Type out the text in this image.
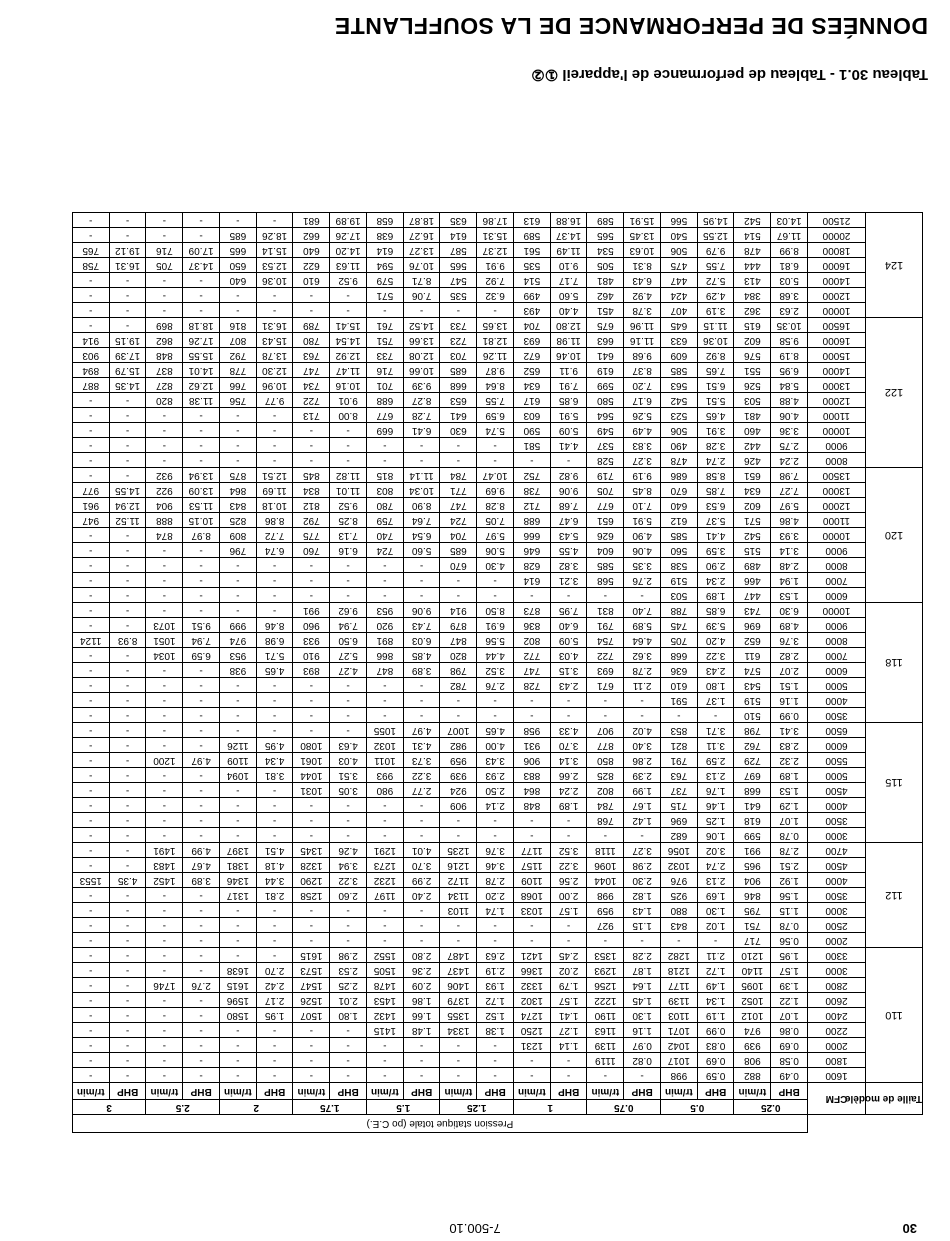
30
7-500.10
		Pression statique totale (po C.E.)																			
Taille de modèle	CFM	0.25		0.5		0.75		1		1.25		1.5		1.75		2		2.5		3	
		BHP	tr/min	BHP	tr/min	BHP	tr/min	BHP	tr/min	BHP	tr/min	BHP	tr/min	BHP	tr/min	BHP	tr/min	BHP	tr/min	BHP	tr/min
110	1600	0.49	882	0.59	998	-	-	-	-	-	-	-	-	-	-	-	-	-	-	-	-
	1800	0.58	908	0.69	1017	0.82	1119	-	-	-	-	-	-	-	-	-	-	-	-	-	-
	2000	0.69	939	0.83	1042	0.97	1139	1.14	1231	-	-	-	-	-	-	-	-	-	-	-	-
	2200	0.86	974	0.99	1071	1.16	1163	1.27	1250	1.38	1334	1.48	1415	-	-	-	-	-	-	-	-
	2400	1.07	1012	1.19	1103	1.30	1190	1.41	1274	1.52	1355	1.66	1432	1.80	1507	1.95	1580	-	-	-	-
	2600	1.22	1052	1.34	1139	1.45	1222	1.57	1302	1.72	1379	1.86	1453	2.01	1526	2.17	1596	-	-	-	-
	2800	1.39	1095	1.49	1177	1.64	1256	1.79	1332	1.93	1406	2.09	1478	2.25	1547	2.42	1615	2.76	1746	-	-
	3000	1.57	1140	1.72	1218	1.87	1293	2.02	1366	2.19	1437	2.36	1505	2.53	1573	2.70	1638	-	-	-	-
	3300	1.95	1210	2.11	1282	2.28	1353	2.45	1421	2.63	1487	2.80	1552	2.98	1615	-	-	-	-	-	-
112	2000	0.56	717	-	-	-	-	-	-	-	-	-	-	-	-	-	-	-	-	-	-
	2500	0.78	751	1.02	843	1.15	927	-	-	-	-	-	-	-	-	-	-	-	-	-	-
	3000	1.15	795	1.30	880	1.43	959	1.57	1033	1.74	1103	-	-	-	-	-	-	-	-	-	-
	3500	1.56	846	1.69	925	1.82	998	2.00	1068	2.20	1134	2.40	1197	2.60	1258	2.81	1317	-	-	-	-
	4000	1.92	904	2.13	976	2.30	1044	2.56	1109	2.78	1172	2.99	1232	3.22	1290	3.44	1346	3.89	1452	4.35	1553
	4500	2.51	965	2.74	1032	2.98	1096	3.22	1157	3.46	1216	3.70	1273	3.94	1328	4.18	1381	4.67	1483	-	-
	4700	2.78	991	3.02	1056	3.27	1118	3.52	1177	3.76	1235	4.01	1291	4.26	1345	4.51	1397	4.99	1491	-	-
115	3000	0.78	599	1.06	682	-	-	-	-	-	-	-	-	-	-	-	-	-	-	-	-
	3500	1.07	618	1.25	696	1.42	768	-	-	-	-	-	-	-	-	-	-	-	-	-	-
	4000	1.29	641	1.46	715	1.67	784	1.89	848	2.14	909	-	-	-	-	-	-	-	-	-	-
	4500	1.53	668	1.76	737	1.99	802	2.24	864	2.50	924	2.77	980	3.05	1031	-	-	-	-	-	-
	5000	1.89	697	2.13	763	2.39	825	2.66	883	2.93	939	3.22	993	3.51	1044	3.81	1094	-	-	-	-
	5500	2.32	729	2.59	791	2.86	850	3.14	906	3.43	959	3.73	1011	4.03	1061	4.34	1109	4.97	1200	-	-
	6000	2.83	762	3.11	821	3.40	877	3.70	931	4.00	982	4.31	1032	4.63	1080	4.95	1126	-	-	-	-
	6500	3.41	798	3.71	853	4.02	907	4.33	958	4.65	1007	4.97	1055	-	-	-	-	-	-	-	-
118	3500	0.99	510	-	-	-	-	-	-	-	-	-	-	-	-	-	-	-	-	-	-
	4000	1.16	519	1.37	591	-	-	-	-	-	-	-	-	-	-	-	-	-	-	-	-
	5000	1.51	543	1.80	610	2.11	671	2.43	728	2.76	782	-	-	-	-	-	-	-	-	-	-
	6000	2.07	574	2.43	636	2.78	693	3.15	747	3.52	798	3.89	847	4.27	893	4.65	938	-	-	-	-
	7000	2.82	611	3.22	668	3.62	722	4.03	772	4.44	820	4.85	866	5.27	910	5.71	953	6.59	1034	-	-
	8000	3.76	652	4.20	705	4.64	754	5.09	802	5.56	847	6.03	891	6.50	933	6.98	974	7.94	1051	8.93	1124
	9000	4.89	696	5.39	745	5.89	791	6.40	836	6.91	879	7.43	920	7.94	960	8.46	999	9.51	1073	-	-
	10000	6.30	743	6.85	788	7.40	831	7.95	873	8.50	914	9.06	953	9.62	991	-	-	-	-	-	-
120	6000	1.53	447	1.89	503	-	-	-	-	-	-	-	-	-	-	-	-	-	-	-	-
	7000	1.94	466	2.34	519	2.76	568	3.21	614	-	-	-	-	-	-	-	-	-	-	-	-
	8000	2.48	489	2.90	538	3.35	585	3.82	628	4.30	670	-	-	-	-	-	-	-	-	-	-
	9000	3.14	515	3.59	560	4.06	604	4.55	646	5.06	685	5.60	724	6.16	760	6.74	796	-	-	-	-
	10000	3.93	542	4.41	585	4.90	626	5.43	666	5.97	704	6.54	740	7.13	775	7.72	809	8.97	874	-	-
	11000	4.86	571	5.37	612	5.91	651	6.47	688	7.05	724	7.64	759	8.25	792	8.86	825	10.15	888	11.52	947
	12000	5.97	602	6.53	640	7.10	677	7.68	712	8.28	747	8.90	780	9.52	812	10.18	843	11.53	904	12.94	961
	13000	7.27	634	7.85	670	8.45	705	9.06	738	9.69	771	10.34	803	11.01	834	11.69	864	13.09	922	14.55	977
	13500	7.98	651	8.58	686	9.19	719	9.82	752	10.47	784	11.14	815	11.82	845	12.51	875	13.94	932	-	-
122	8000	2.24	426	2.74	478	3.27	528	-	-	-	-	-	-	-	-	-	-	-	-	-	-
	9000	2.75	442	3.28	490	3.83	537	4.41	581	-	-	-	-	-	-	-	-	-	-	-	-
	10000	3.36	460	3.91	506	4.49	549	5.09	590	5.74	630	6.41	669	-	-	-	-	-	-	-	-
	11000	4.06	481	4.65	523	5.26	564	5.91	603	6.59	641	7.28	677	8.00	713	-	-	-	-	-	-
	12000	4.88	503	5.51	542	6.17	580	6.85	617	7.55	653	8.27	688	9.01	722	9.77	756	11.38	820	-	-
	13000	5.84	526	6.51	563	7.20	599	7.91	634	8.64	668	9.39	701	10.16	734	10.96	766	12.62	827	14.35	887
	14000	6.95	551	7.65	585	8.37	619	9.11	652	9.87	685	10.66	716	11.47	747	12.30	778	14.01	837	15.79	894
	15000	8.19	576	8.92	609	9.68	641	10.46	672	11.26	703	12.08	733	12.92	763	13.78	792	15.55	848	17.39	903
	16000	9.58	602	10.36	633	11.16	663	11.98	693	12.81	723	13.66	751	14.54	780	15.43	807	17.26	862	19.15	914
	16500	10.35	615	11.15	645	11.96	675	12.80	704	13.65	733	14.52	761	15.41	789	16.31	816	18.18	869	-	-
124	10000	2.63	362	3.19	407	3.78	451	4.40	493	-	-	-	-	-	-	-	-	-	-	-	-
	12000	3.68	384	4.29	424	4.92	462	5.60	499	6.32	535	7.06	571	-	-	-	-	-	-	-	-
	14000	5.03	413	5.72	447	6.43	481	7.17	514	7.92	547	8.71	579	9.52	610	10.36	640	-	-	-	-
	16000	6.81	444	7.55	475	8.31	505	9.10	535	9.91	565	10.76	594	11.63	622	12.53	650	14.37	705	16.31	758
	18000	8.99	478	9.79	506	10.63	534	11.49	561	12.37	587	13.27	614	14.20	640	15.14	665	17.09	716	19.12	765
	20000	11.67	514	12.55	540	13.45	565	14.37	589	15.31	614	16.27	638	17.26	662	18.26	685	-	-	-	-
	21500	14.03	542	14.95	566	15.91	589	16.88	613	17.86	635	18.87	658	19.89	681	-	-	-	-	-	-
Tableau 30.1 - Tableau de performance de l'appareil ①②
DONNÉES DE PERFORMANCE DE LA SOUFFLANTE
